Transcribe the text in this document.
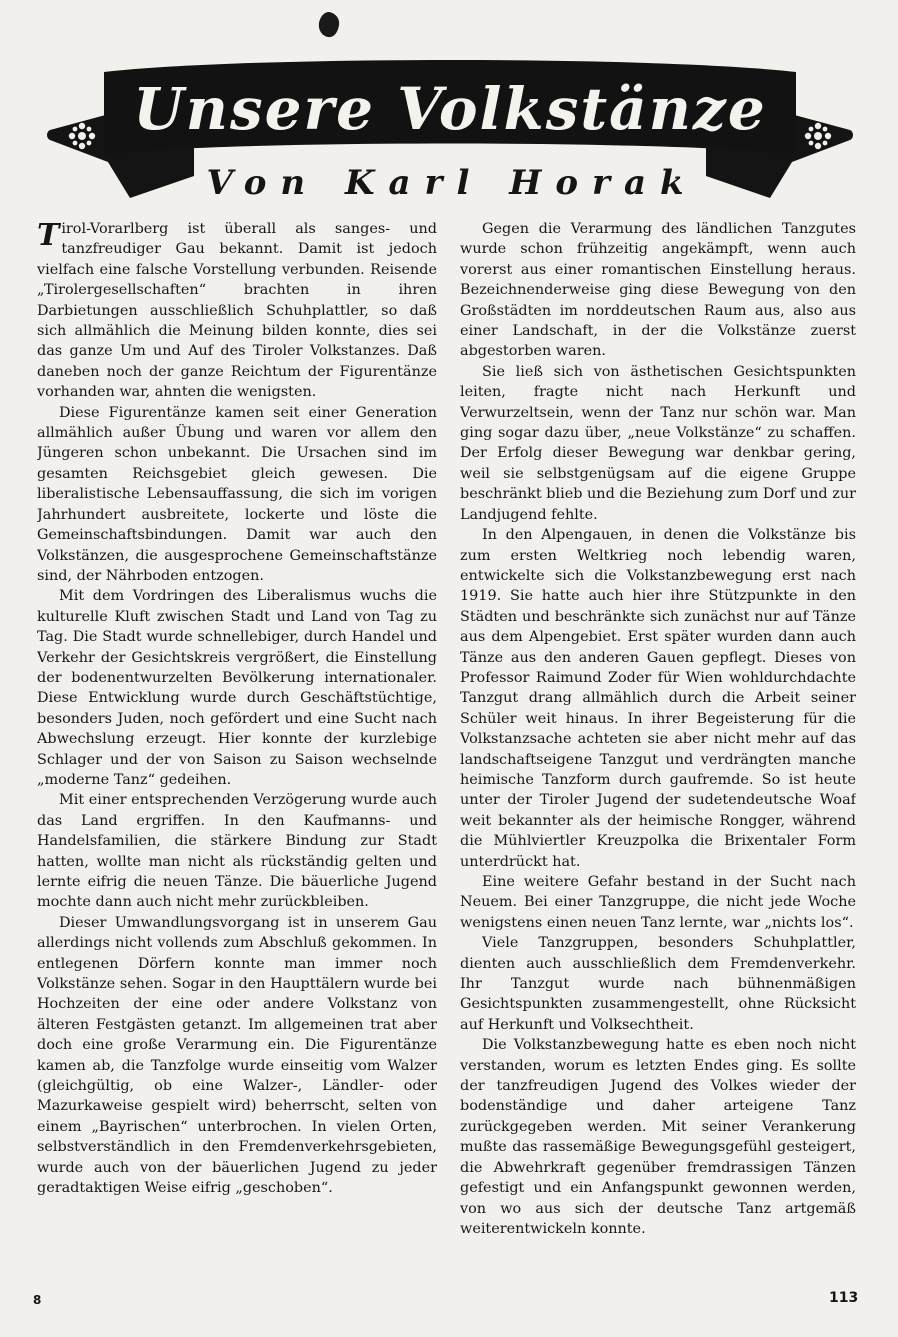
Unsere Volkstänze
Von Karl Horak

Tirol-Vorarlberg ist überall als sanges- und tanzfreudiger Gau bekannt. Damit ist jedoch vielfach eine falsche Vorstellung verbunden. Reisende „Tirolergesellschaften“ brachten in ihren Darbietungen ausschließlich Schuhplattler, so daß sich allmählich die Meinung bilden konnte, dies sei das ganze Um und Auf des Tiroler Volkstanzes. Daß daneben noch der ganze Reichtum der Figurentänze vorhanden war, ahnten die wenigsten.

Diese Figurentänze kamen seit einer Generation allmählich außer Übung und waren vor allem den Jüngeren schon unbekannt. Die Ursachen sind im gesamten Reichsgebiet gleich gewesen. Die liberalistische Lebensauffassung, die sich im vorigen Jahrhundert ausbreitete, lockerte und löste die Gemeinschaftsbindungen. Damit war auch den Volkstänzen, die ausgesprochene Gemeinschaftstänze sind, der Nährboden entzogen.

Mit dem Vordringen des Liberalismus wuchs die kulturelle Kluft zwischen Stadt und Land von Tag zu Tag. Die Stadt wurde schnellebiger, durch Handel und Verkehr der Gesichtskreis vergrößert, die Einstellung der bodenentwurzelten Bevölkerung internationaler. Diese Entwicklung wurde durch Geschäftstüchtige, besonders Juden, noch gefördert und eine Sucht nach Abwechslung erzeugt. Hier konnte der kurzlebige Schlager und der von Saison zu Saison wechselnde „moderne Tanz“ gedeihen.

Mit einer entsprechenden Verzögerung wurde auch das Land ergriffen. In den Kaufmanns- und Handelsfamilien, die stärkere Bindung zur Stadt hatten, wollte man nicht als rückständig gelten und lernte eifrig die neuen Tänze. Die bäuerliche Jugend mochte dann auch nicht mehr zurückbleiben.

Dieser Umwandlungsvorgang ist in unserem Gau allerdings nicht vollends zum Abschluß gekommen. In entlegenen Dörfern konnte man immer noch Volkstänze sehen. Sogar in den Haupttälern wurde bei Hochzeiten der eine oder andere Volkstanz von älteren Festgästen getanzt. Im allgemeinen trat aber doch eine große Verarmung ein. Die Figurentänze kamen ab, die Tanzfolge wurde einseitig vom Walzer (gleichgültig, ob eine Walzer-, Ländler- oder Mazurkaweise gespielt wird) beherrscht, selten von einem „Bayrischen“ unterbrochen. In vielen Orten, selbstverständlich in den Fremdenverkehrsgebieten, wurde auch von der bäuerlichen Jugend zu jeder geradtaktigen Weise eifrig „geschoben“.

Gegen die Verarmung des ländlichen Tanzgutes wurde schon frühzeitig angekämpft, wenn auch vorerst aus einer romantischen Einstellung heraus. Bezeichnenderweise ging diese Bewegung von den Großstädten im norddeutschen Raum aus, also aus einer Landschaft, in der die Volkstänze zuerst abgestorben waren.

Sie ließ sich von ästhetischen Gesichtspunkten leiten, fragte nicht nach Herkunft und Verwurzeltsein, wenn der Tanz nur schön war. Man ging sogar dazu über, „neue Volkstänze“ zu schaffen. Der Erfolg dieser Bewegung war denkbar gering, weil sie selbstgenügsam auf die eigene Gruppe beschränkt blieb und die Beziehung zum Dorf und zur Landjugend fehlte.

In den Alpengauen, in denen die Volkstänze bis zum ersten Weltkrieg noch lebendig waren, entwickelte sich die Volkstanzbewegung erst nach 1919. Sie hatte auch hier ihre Stützpunkte in den Städten und beschränkte sich zunächst nur auf Tänze aus dem Alpengebiet. Erst später wurden dann auch Tänze aus den anderen Gauen gepflegt. Dieses von Professor Raimund Zoder für Wien wohldurchdachte Tanzgut drang allmählich durch die Arbeit seiner Schüler weit hinaus. In ihrer Begeisterung für die Volkstanzsache achteten sie aber nicht mehr auf das landschaftseigene Tanzgut und verdrängten manche heimische Tanzform durch gaufremde. So ist heute unter der Tiroler Jugend der sudetendeutsche Woaf weit bekannter als der heimische Rongger, während die Mühlviertler Kreuzpolka die Brixentaler Form unterdrückt hat.

Eine weitere Gefahr bestand in der Sucht nach Neuem. Bei einer Tanzgruppe, die nicht jede Woche wenigstens einen neuen Tanz lernte, war „nichts los“.

Viele Tanzgruppen, besonders Schuhplattler, dienten auch ausschließlich dem Fremdenverkehr. Ihr Tanzgut wurde nach bühnenmäßigen Gesichtspunkten zusammengestellt, ohne Rücksicht auf Herkunft und Volksechtheit.

Die Volkstanzbewegung hatte es eben noch nicht verstanden, worum es letzten Endes ging. Es sollte der tanzfreudigen Jugend des Volkes wieder der bodenständige und daher arteigene Tanz zurückgegeben werden. Mit seiner Verankerung mußte das rassemäßige Bewegungsgefühl gesteigert, die Abwehrkraft gegenüber fremdrassigen Tänzen gefestigt und ein Anfangspunkt gewonnen werden, von wo aus sich der deutsche Tanz artgemäß weiterentwickeln konnte.

8	113
